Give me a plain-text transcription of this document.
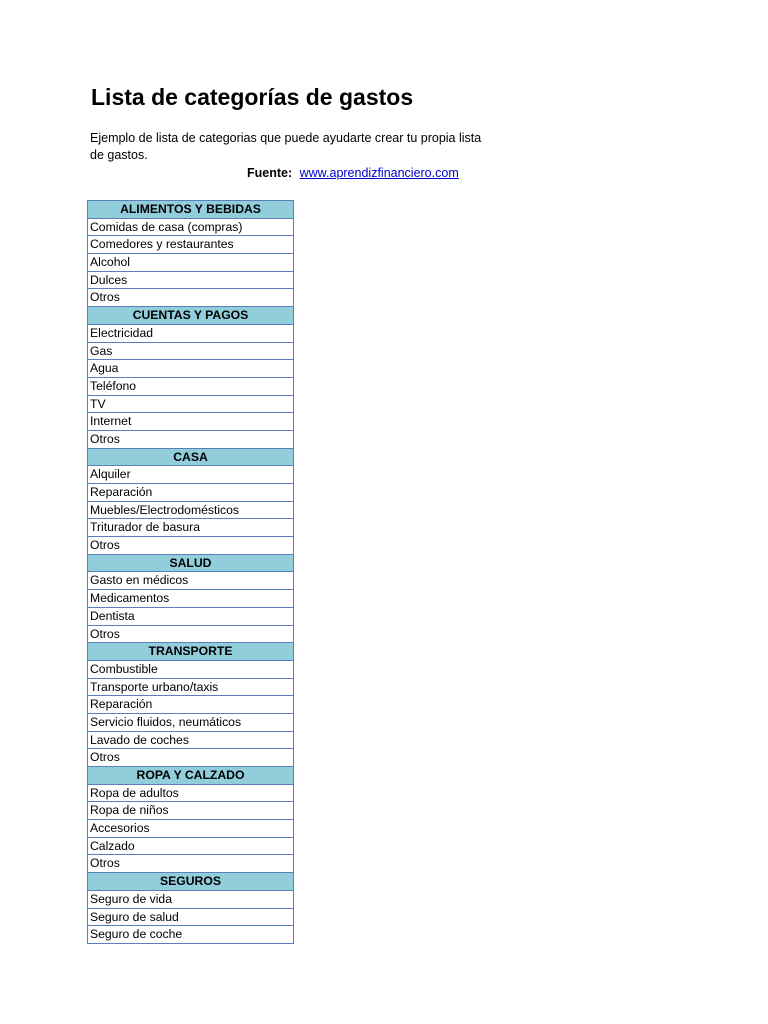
Lista de categorías de gastos

Ejemplo de lista de categorias que puede ayudarte crear tu propia lista de gastos.

Fuente: www.aprendizfinanciero.com
ALIMENTOS Y BEBIDAS
Comidas de casa (compras)
Comedores y restaurantes
Alcohol
Dulces
Otros
CUENTAS Y PAGOS
Electricidad
Gas
Agua
Teléfono
TV
Internet
Otros
CASA
Alquiler
Reparación
Muebles/Electrodomésticos
Triturador de basura
Otros
SALUD
Gasto en médicos
Medicamentos
Dentista
Otros
TRANSPORTE
Combustible
Transporte urbano/taxis
Reparación
Servicio fluidos, neumáticos
Lavado de coches
Otros
ROPA Y CALZADO
Ropa de adultos
Ropa de niños
Accesorios
Calzado
Otros
SEGUROS
Seguro de vida
Seguro de salud
Seguro de coche
